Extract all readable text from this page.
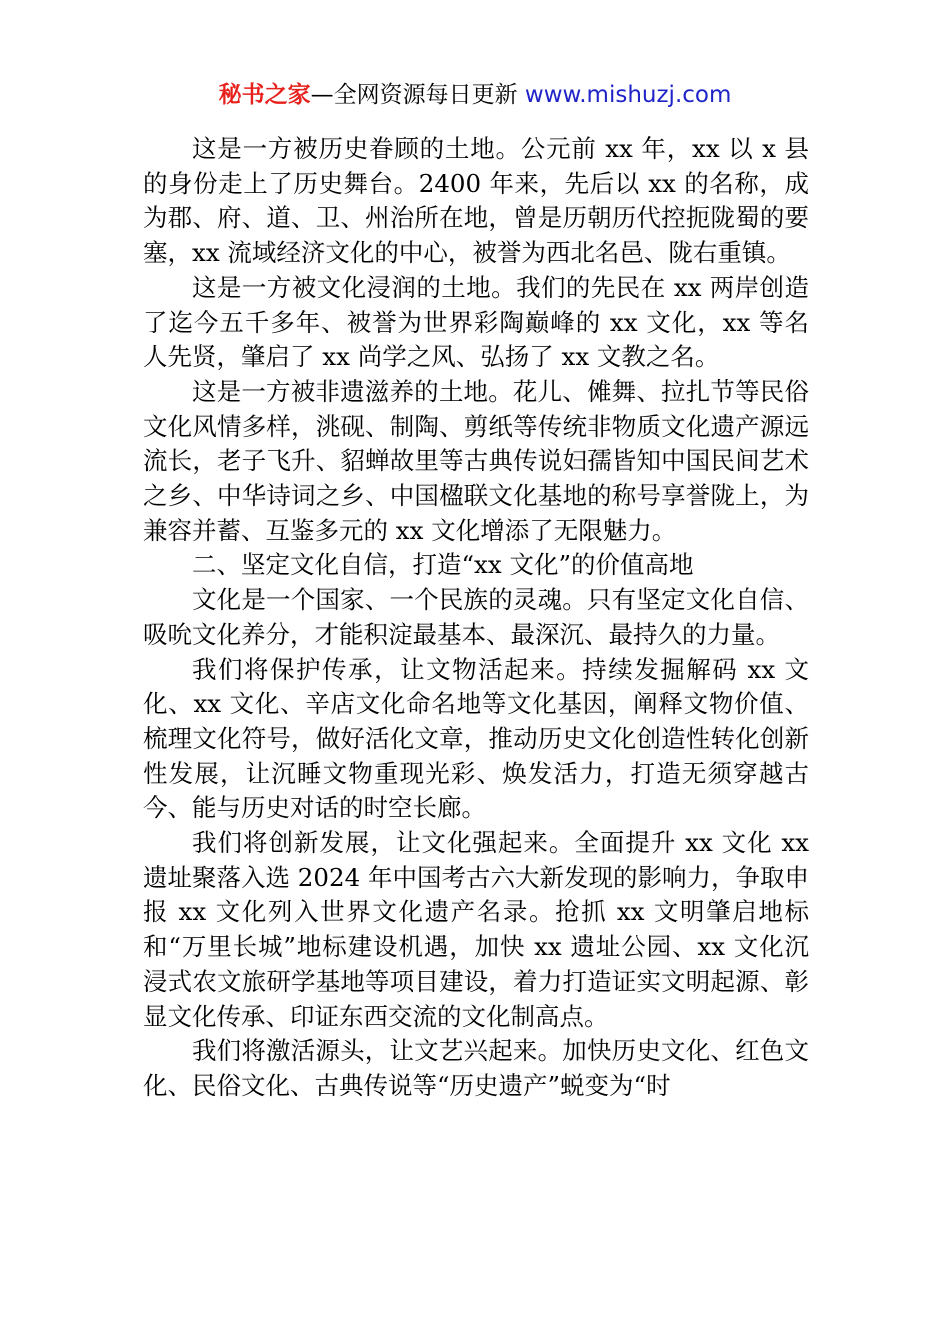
秘书之家—全网资源每日更新 www.mishuzj.com

这是一方被历史眷顾的土地。公元前 xx 年，xx 以 x 县的身份走上了历史舞台。2400 年来，先后以 xx 的名称，成为郡、府、道、卫、州治所在地，曾是历朝历代控扼陇蜀的要塞，xx 流域经济文化的中心，被誉为西北名邑、陇右重镇。

这是一方被文化浸润的土地。我们的先民在 xx 两岸创造了迄今五千多年、被誉为世界彩陶巅峰的 xx 文化，xx 等名人先贤，肇启了 xx 尚学之风、弘扬了 xx 文教之名。

这是一方被非遗滋养的土地。花儿、傩舞、拉扎节等民俗文化风情多样，洮砚、制陶、剪纸等传统非物质文化遗产源远流长，老子飞升、貂蝉故里等古典传说妇孺皆知中国民间艺术之乡、中华诗词之乡、中国楹联文化基地的称号享誉陇上，为兼容并蓄、互鉴多元的 xx 文化增添了无限魅力。

二、坚定文化自信，打造“xx 文化”的价值高地

文化是一个国家、一个民族的灵魂。只有坚定文化自信、吸吮文化养分，才能积淀最基本、最深沉、最持久的力量。

我们将保护传承，让文物活起来。持续发掘解码 xx 文化、xx 文化、辛店文化命名地等文化基因，阐释文物价值、梳理文化符号，做好活化文章，推动历史文化创造性转化创新性发展，让沉睡文物重现光彩、焕发活力，打造无须穿越古今、能与历史对话的时空长廊。

我们将创新发展，让文化强起来。全面提升 xx 文化 xx 遗址聚落入选 2024 年中国考古六大新发现的影响力，争取申报 xx 文化列入世界文化遗产名录。抢抓 xx 文明肇启地标和“万里长城”地标建设机遇，加快 xx 遗址公园、xx 文化沉浸式农文旅研学基地等项目建设，着力打造证实文明起源、彰显文化传承、印证东西交流的文化制高点。

我们将激活源头，让文艺兴起来。加快历史文化、红色文化、民俗文化、古典传说等“历史遗产”蜕变为“时
